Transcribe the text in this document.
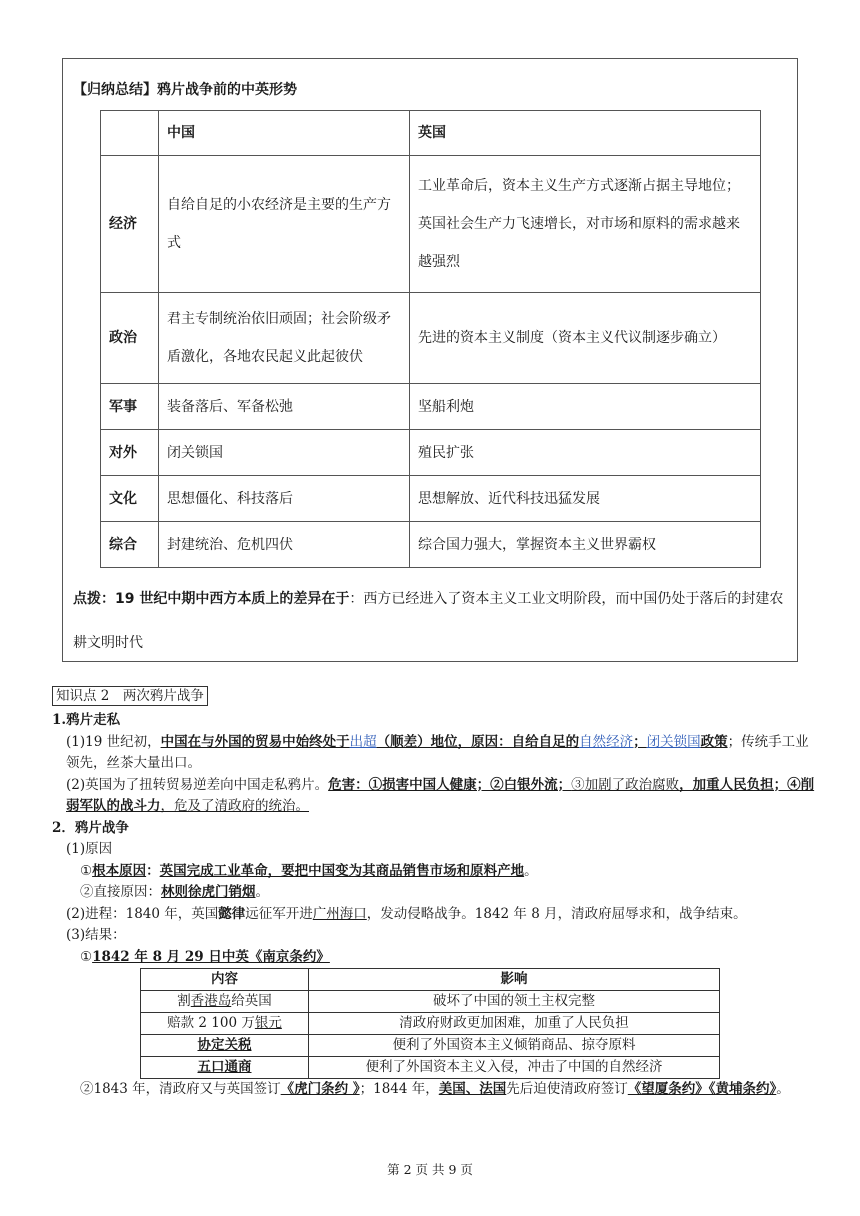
【归纳总结】鸦片战争前的中英形势
	中国	英国
经济	自给自足的小农经济是主要的生产方式	工业革命后，资本主义生产方式逐渐占据主导地位；英国社会生产力飞速增长，对市场和原料的需求越来越强烈
政治	君主专制统治依旧顽固；社会阶级矛盾激化，各地农民起义此起彼伏	先进的资本主义制度（资本主义代议制逐步确立）
军事	装备落后、军备松弛	坚船利炮
对外	闭关锁国	殖民扩张
文化	思想僵化、科技落后	思想解放、近代科技迅猛发展
综合	封建统治、危机四伏	综合国力强大，掌握资本主义世界霸权
点拨：19 世纪中期中西方本质上的差异在于：西方已经进入了资本主义工业文明阶段，而中国仍处于落后的封建农耕文明时代
知识点 2　两次鸦片战争
1.鸦片走私
(1)19 世纪初，中国在与外国的贸易中始终处于出超（顺差）地位，原因：自给自足的自然经济；闭关锁国政策；传统手工业领先，丝茶大量出口。
(2)英国为了扭转贸易逆差向中国走私鸦片。危害：①损害中国人健康；②白银外流；③加剧了政治腐败，加重人民负担；④削弱军队的战斗力，危及了清政府的统治。
2．鸦片战争
(1)原因
①根本原因：英国完成工业革命，要把中国变为其商品销售市场和原料产地。
②直接原因：林则徐虎门销烟。
(2)进程：1840 年，英国懿律远征军开进广州海口，发动侵略战争。1842 年 8 月，清政府屈辱求和，战争结束。
(3)结果：
①1842 年 8 月 29 日中英《南京条约》
内容	影响
割香港岛给英国	破坏了中国的领土主权完整
赔款 2 100 万银元	清政府财政更加困难，加重了人民负担
协定关税	便利了外国资本主义倾销商品、掠夺原料
五口通商	便利了外国资本主义入侵，冲击了中国的自然经济
②1843 年，清政府又与英国签订《虎门条约 》；1844 年，美国、法国先后迫使清政府签订《望厦条约》《黄埔条约》。
第 2 页 共 9 页
